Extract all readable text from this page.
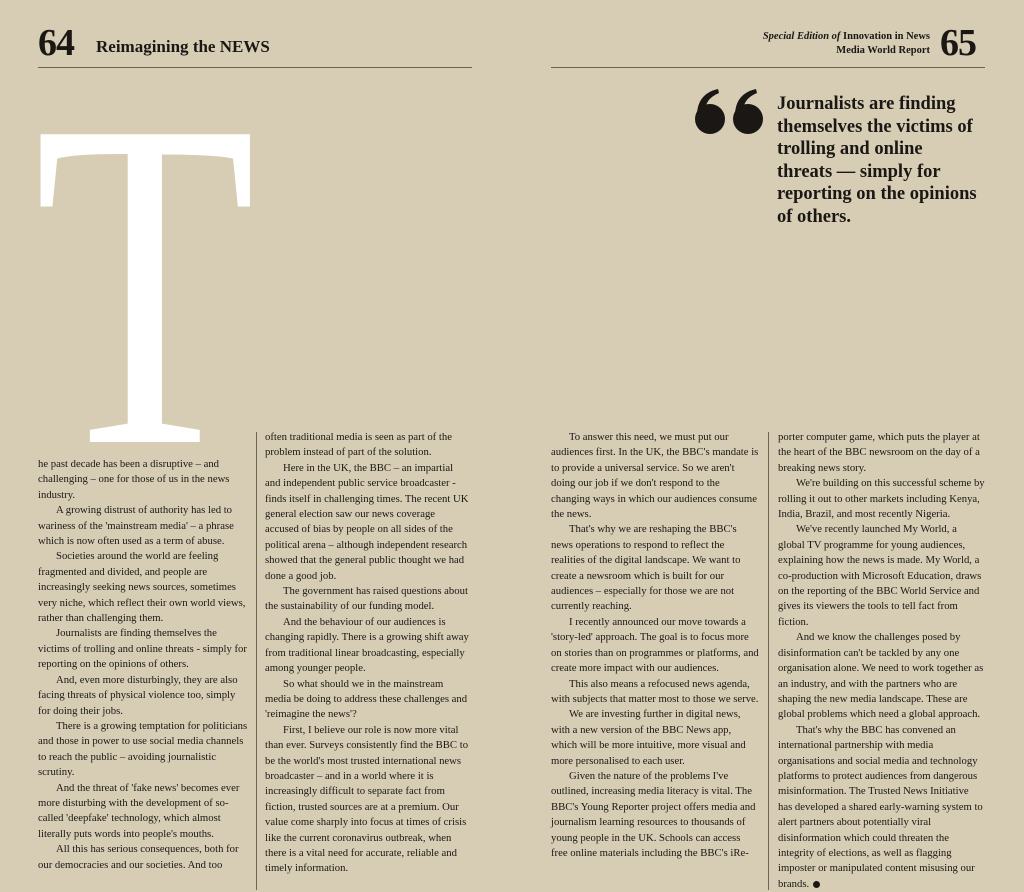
64 Reimagining the NEWS
Special Edition of Innovation in News
Media World Report 65
T	Journalists are finding themselves the victims of trolling and online threats — simply for reporting on the opinions of others.

he past decade has been a disruptive – and challenging – one for those of us in the news industry.

A growing distrust of authority has led to wariness of the 'mainstream media' – a phrase which is now often used as a term of abuse.

Societies around the world are feeling fragmented and divided, and people are increasingly seeking news sources, sometimes very niche, which reflect their own world views, rather than challenging them.

Journalists are finding themselves the victims of trolling and online threats - simply for reporting on the opinions of others.

And, even more disturbingly, they are also facing threats of physical violence too, simply for doing their jobs.

There is a growing temptation for politicians and those in power to use social media channels to reach the public – avoiding journalistic scrutiny.

And the threat of 'fake news' becomes ever more disturbing with the development of so-called 'deepfake' technology, which almost literally puts words into people's mouths.

All this has serious consequences, both for our democracies and our societies. And too

often traditional media is seen as part of the problem instead of part of the solution.

Here in the UK, the BBC – an impartial and independent public service broadcaster - finds itself in challenging times. The recent UK general election saw our news coverage accused of bias by people on all sides of the political arena – although independent research showed that the general public thought we had done a good job.

The government has raised questions about the sustainability of our funding model.

And the behaviour of our audiences is changing rapidly. There is a growing shift away from traditional linear broadcasting, especially among younger people.

So what should we in the mainstream media be doing to address these challenges and 'reimagine the news'?

First, I believe our role is now more vital than ever. Surveys consistently find the BBC to be the world's most trusted international news broadcaster – and in a world where it is increasingly difficult to separate fact from fiction, trusted sources are at a premium. Our value come sharply into focus at times of crisis like the current coronavirus outbreak, when there is a vital need for accurate, reliable and timely information.

To answer this need, we must put our audiences first. In the UK, the BBC's mandate is to provide a universal service. So we aren't doing our job if we don't respond to the changing ways in which our audiences consume the news.

That's why we are reshaping the BBC's news operations to respond to reflect the realities of the digital landscape. We want to create a newsroom which is built for our audiences – especially for those we are not currently reaching.

I recently announced our move towards a 'story-led' approach. The goal is to focus more on stories than on programmes or platforms, and create more impact with our audiences.

This also means a refocused news agenda, with subjects that matter most to those we serve.

We are investing further in digital news, with a new version of the BBC News app, which will be more intuitive, more visual and more personalised to each user.

Given the nature of the problems I've outlined, increasing media literacy is vital. The BBC's Young Reporter project offers media and journalism learning resources to thousands of young people in the UK. Schools can access free online materials including the BBC's iRe-

porter computer game, which puts the player at the heart of the BBC newsroom on the day of a breaking news story.

We're building on this successful scheme by rolling it out to other markets including Kenya, India, Brazil, and most recently Nigeria.

We've recently launched My World, a global TV programme for young audiences, explaining how the news is made. My World, a co-production with Microsoft Education, draws on the reporting of the BBC World Service and gives its viewers the tools to tell fact from fiction.

And we know the challenges posed by disinformation can't be tackled by any one organisation alone. We need to work together as an industry, and with the partners who are shaping the new media landscape. These are global problems which need a global approach.

That's why the BBC has convened an international partnership with media organisations and social media and technology platforms to protect audiences from dangerous misinformation. The Trusted News Initiative has developed a shared early-warning system to alert partners about potentially viral disinformation which could threaten the integrity of elections, as well as flagging imposter or manipulated content misusing our brands.
